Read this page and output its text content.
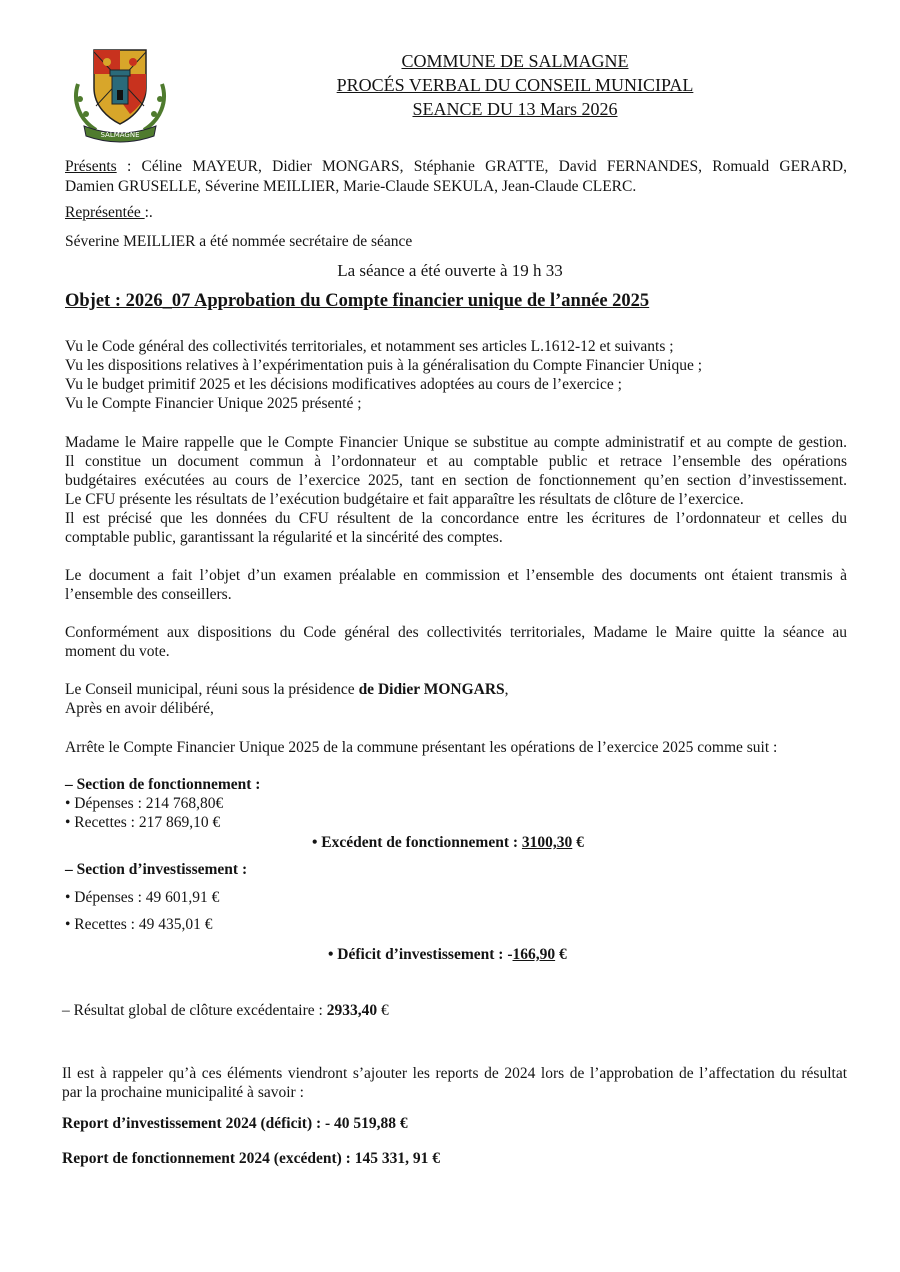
SALMAGNE
COMMUNE DE SALMAGNE
PROCÉS VERBAL DU CONSEIL MUNICIPAL
SEANCE DU 13 Mars 2026
Présents : Céline MAYEUR, Didier MONGARS, Stéphanie GRATTE, David FERNANDES, Romuald GERARD,
Damien GRUSELLE, Séverine MEILLIER, Marie-Claude SEKULA, Jean-Claude CLERC.
Représentée :.
Séverine MEILLIER a été nommée secrétaire de séance
La séance a été ouverte à 19 h 33
Objet : 2026_07 Approbation du Compte financier unique de l’année 2025
Vu le Code général des collectivités territoriales, et notamment ses articles L.1612-12 et suivants ;
Vu les dispositions relatives à l’expérimentation puis à la généralisation du Compte Financier Unique ;
Vu le budget primitif 2025 et les décisions modificatives adoptées au cours de l’exercice ;
Vu le Compte Financier Unique 2025 présenté ;
Madame le Maire rappelle que le Compte Financier Unique se substitue au compte administratif et au compte de gestion.
Il constitue un document commun à l’ordonnateur et au comptable public et retrace l’ensemble des opérations
budgétaires exécutées au cours de l’exercice 2025, tant en section de fonctionnement qu’en section d’investissement.
Le CFU présente les résultats de l’exécution budgétaire et fait apparaître les résultats de clôture de l’exercice.
Il est précisé que les données du CFU résultent de la concordance entre les écritures de l’ordonnateur et celles du
comptable public, garantissant la régularité et la sincérité des comptes.
Le document a fait l’objet d’un examen préalable en commission et l’ensemble des documents ont étaient transmis à
l’ensemble des conseillers.
Conformément aux dispositions du Code général des collectivités territoriales, Madame le Maire quitte la séance au
moment du vote.
Le Conseil municipal, réuni sous la présidence de Didier MONGARS,
Après en avoir délibéré,
Arrête le Compte Financier Unique 2025 de la commune présentant les opérations de l’exercice 2025 comme suit :
– Section de fonctionnement :
• Dépenses : 214 768,80€
• Recettes : 217 869,10 €
• Excédent de fonctionnement : 3100,30 €
– Section d’investissement :
• Dépenses : 49 601,91 €
• Recettes : 49 435,01 €
• Déficit d’investissement : -166,90 €
– Résultat global de clôture excédentaire : 2933,40 €
Il est à rappeler qu’à ces éléments viendront s’ajouter les reports de 2024 lors de l’approbation de l’affectation du résultat
par la prochaine municipalité à savoir :
Report d’investissement 2024 (déficit) : - 40 519,88 €
Report de fonctionnement 2024 (excédent) : 145 331, 91 €
